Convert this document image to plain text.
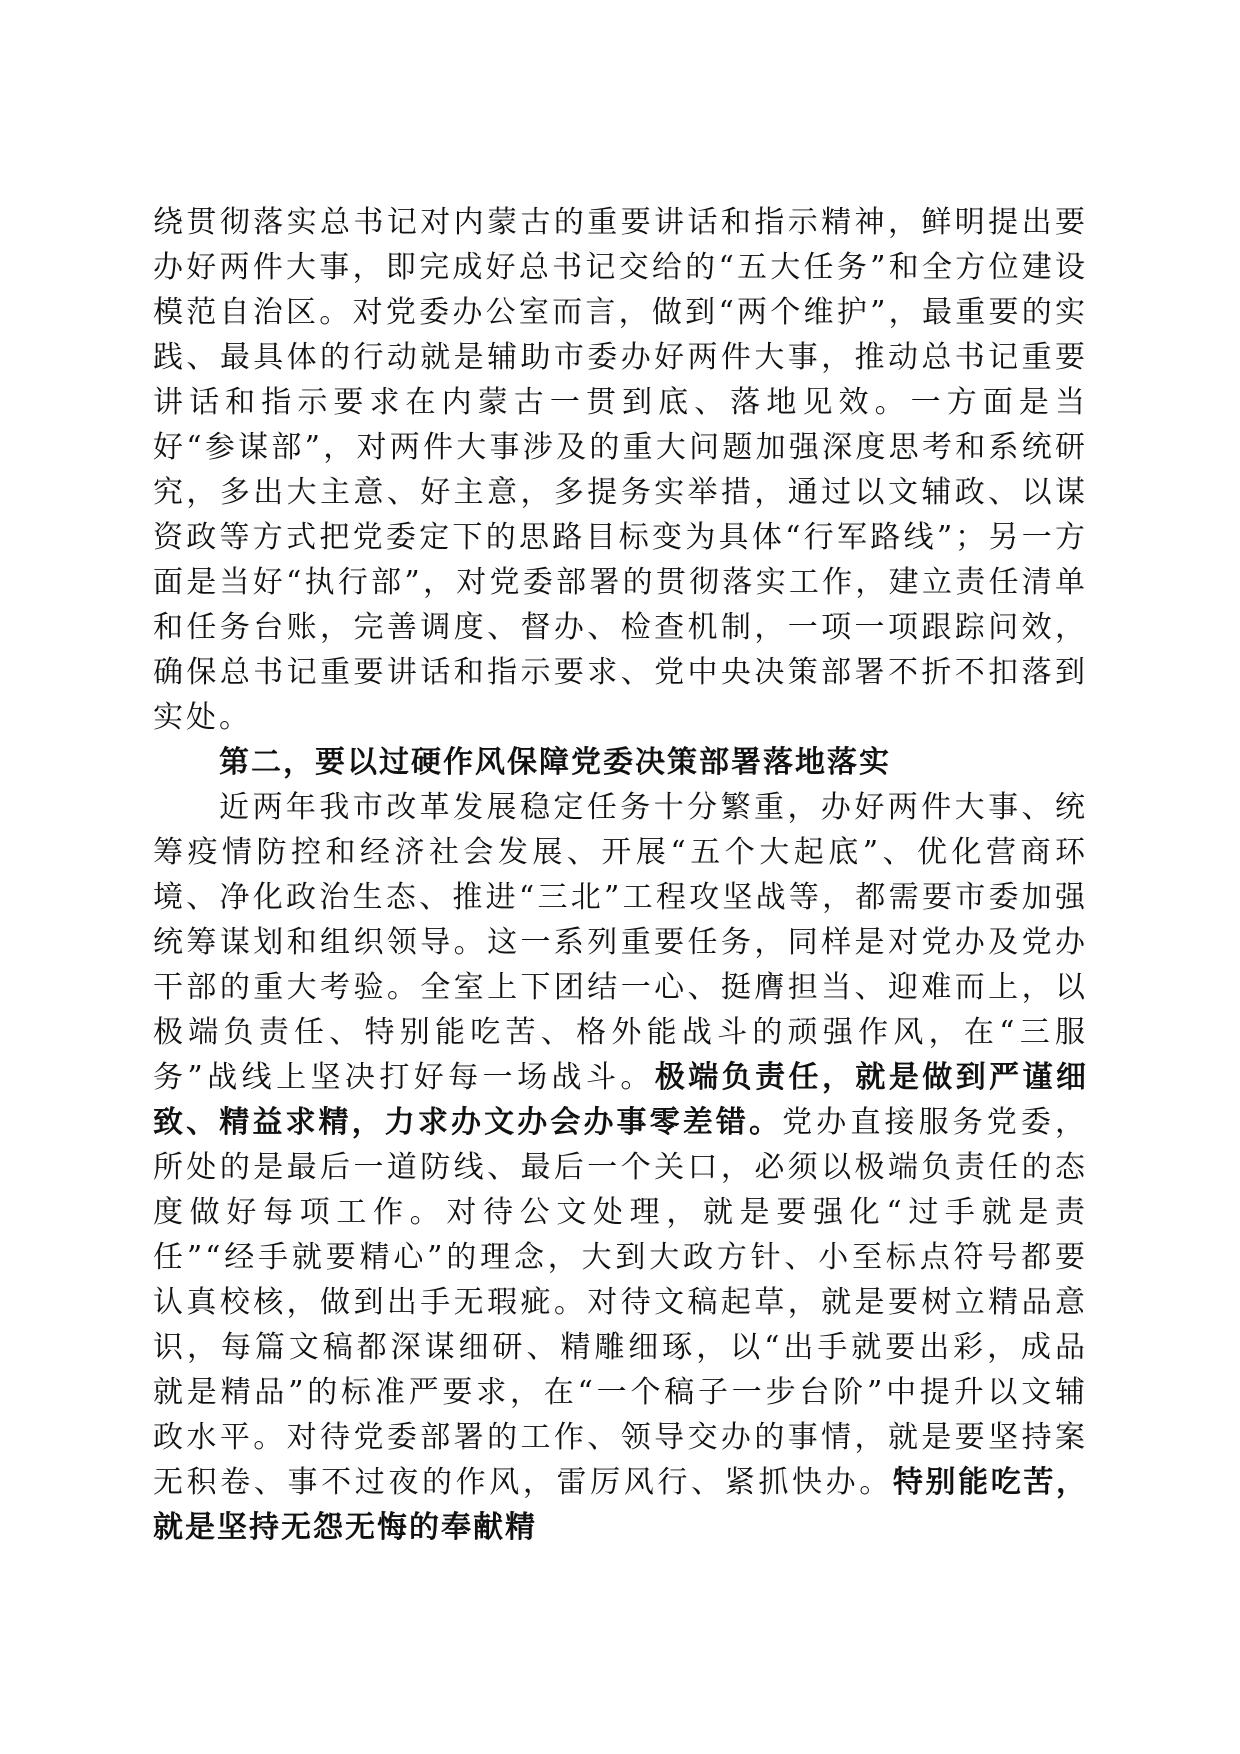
绕贯彻落实总书记对内蒙古的重要讲话和指示精神，鲜明提出要办好两件大事，即完成好总书记交给的“五大任务”和全方位建设模范自治区。对党委办公室而言，做到“两个维护”，最重要的实践、最具体的行动就是辅助市委办好两件大事，推动总书记重要讲话和指示要求在内蒙古一贯到底、落地见效。一方面是当好“参谋部”，对两件大事涉及的重大问题加强深度思考和系统研究，多出大主意、好主意，多提务实举措，通过以文辅政、以谋资政等方式把党委定下的思路目标变为具体“行军路线”；另一方面是当好“执行部”，对党委部署的贯彻落实工作，建立责任清单和任务台账，完善调度、督办、检查机制，一项一项跟踪问效，确保总书记重要讲话和指示要求、党中央决策部署不折不扣落到实处。

第二，要以过硬作风保障党委决策部署落地落实

近两年我市改革发展稳定任务十分繁重，办好两件大事、统筹疫情防控和经济社会发展、开展“五个大起底”、优化营商环境、净化政治生态、推进“三北”工程攻坚战等，都需要市委加强统筹谋划和组织领导。这一系列重要任务，同样是对党办及党办干部的重大考验。全室上下团结一心、挺膺担当、迎难而上，以极端负责任、特别能吃苦、格外能战斗的顽强作风，在“三服务”战线上坚决打好每一场战斗。极端负责任，就是做到严谨细致、精益求精，力求办文办会办事零差错。党办直接服务党委，所处的是最后一道防线、最后一个关口，必须以极端负责任的态度做好每项工作。对待公文处理，就是要强化“过手就是责任”“经手就要精心”的理念，大到大政方针、小至标点符号都要认真校核，做到出手无瑕疵。对待文稿起草，就是要树立精品意识，每篇文稿都深谋细研、精雕细琢，以“出手就要出彩，成品就是精品”的标准严要求，在“一个稿子一步台阶”中提升以文辅政水平。对待党委部署的工作、领导交办的事情，就是要坚持案无积卷、事不过夜的作风，雷厉风行、紧抓快办。特别能吃苦，就是坚持无怨无悔的奉献精
